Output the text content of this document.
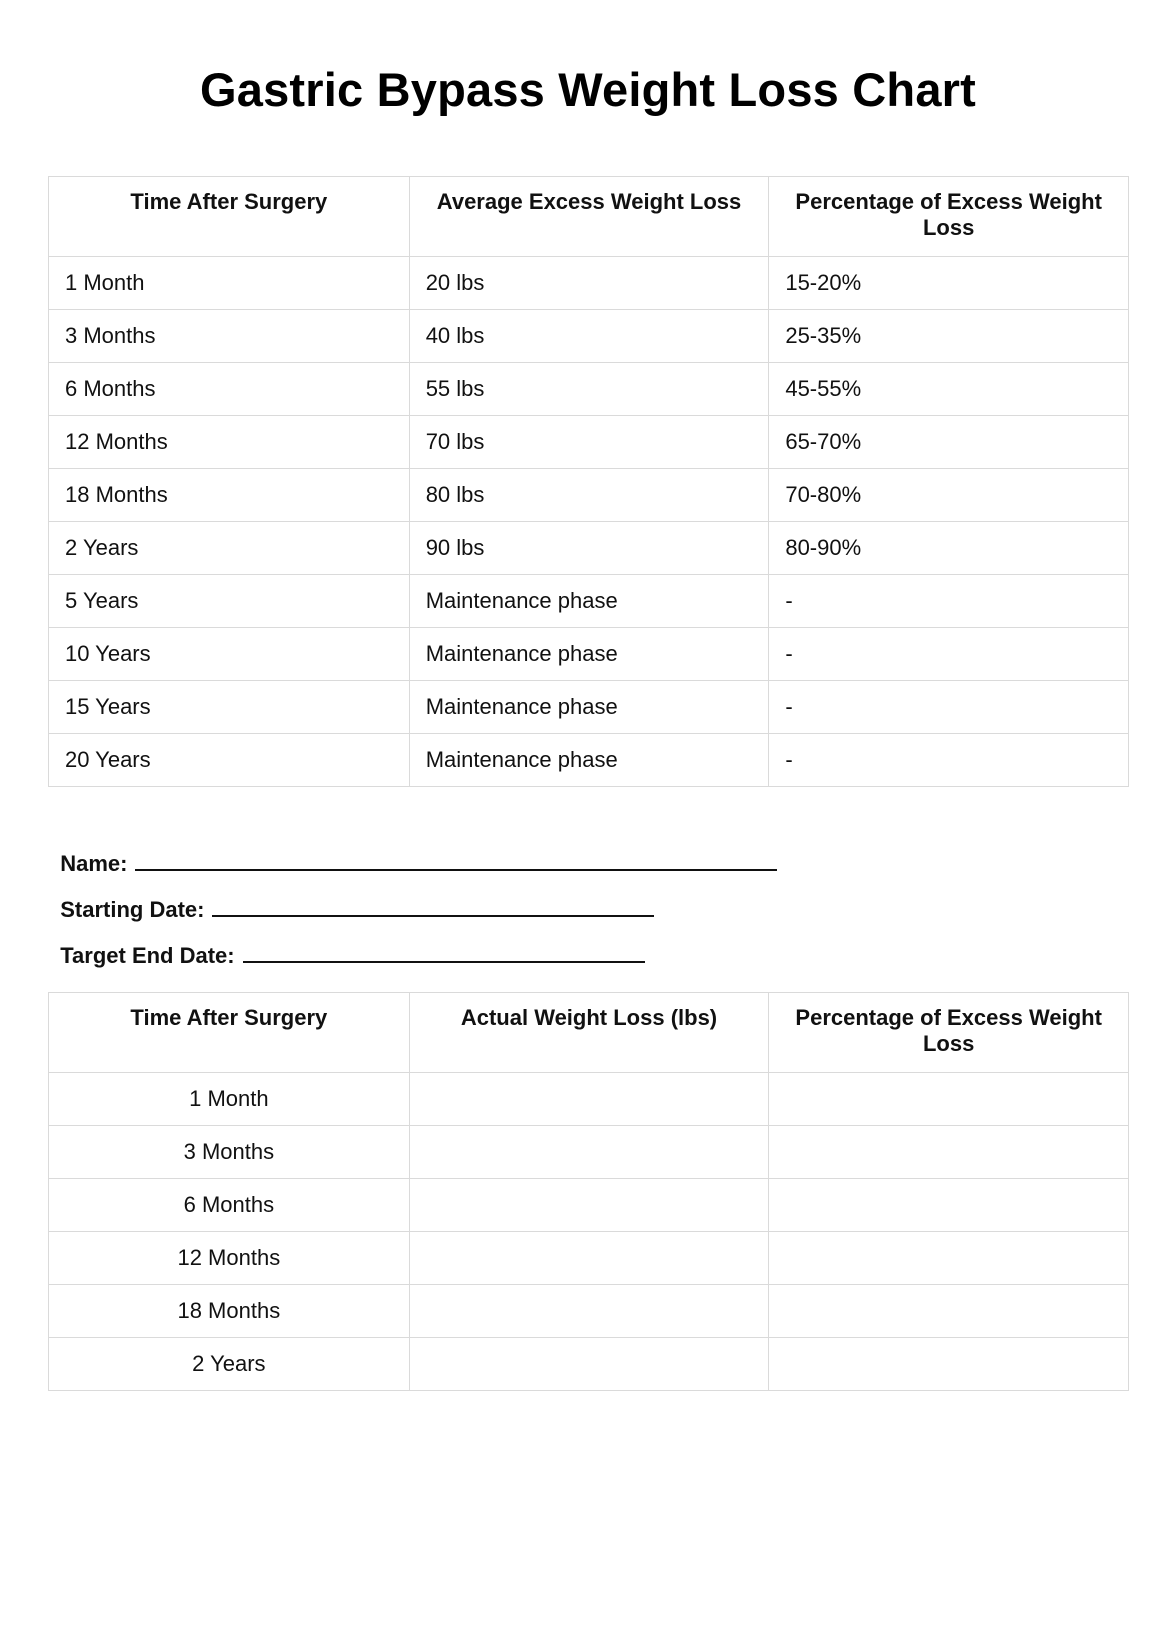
Gastric Bypass Weight Loss Chart
Time After Surgery	Average Excess Weight Loss	Percentage of Excess Weight Loss
1 Month	20 lbs	15-20%
3 Months	40 lbs	25-35%
6 Months	55 lbs	45-55%
12 Months	70 lbs	65-70%
18 Months	80 lbs	70-80%
2 Years	90 lbs	80-90%
5 Years	Maintenance phase	-
10 Years	Maintenance phase	-
15 Years	Maintenance phase	-
20 Years	Maintenance phase	-

Name:

Starting Date:

Target End Date:

Time After Surgery	Actual Weight Loss (lbs)	Percentage of Excess Weight Loss
1 Month		
3 Months		
6 Months		
12 Months		
18 Months		
2 Years		
